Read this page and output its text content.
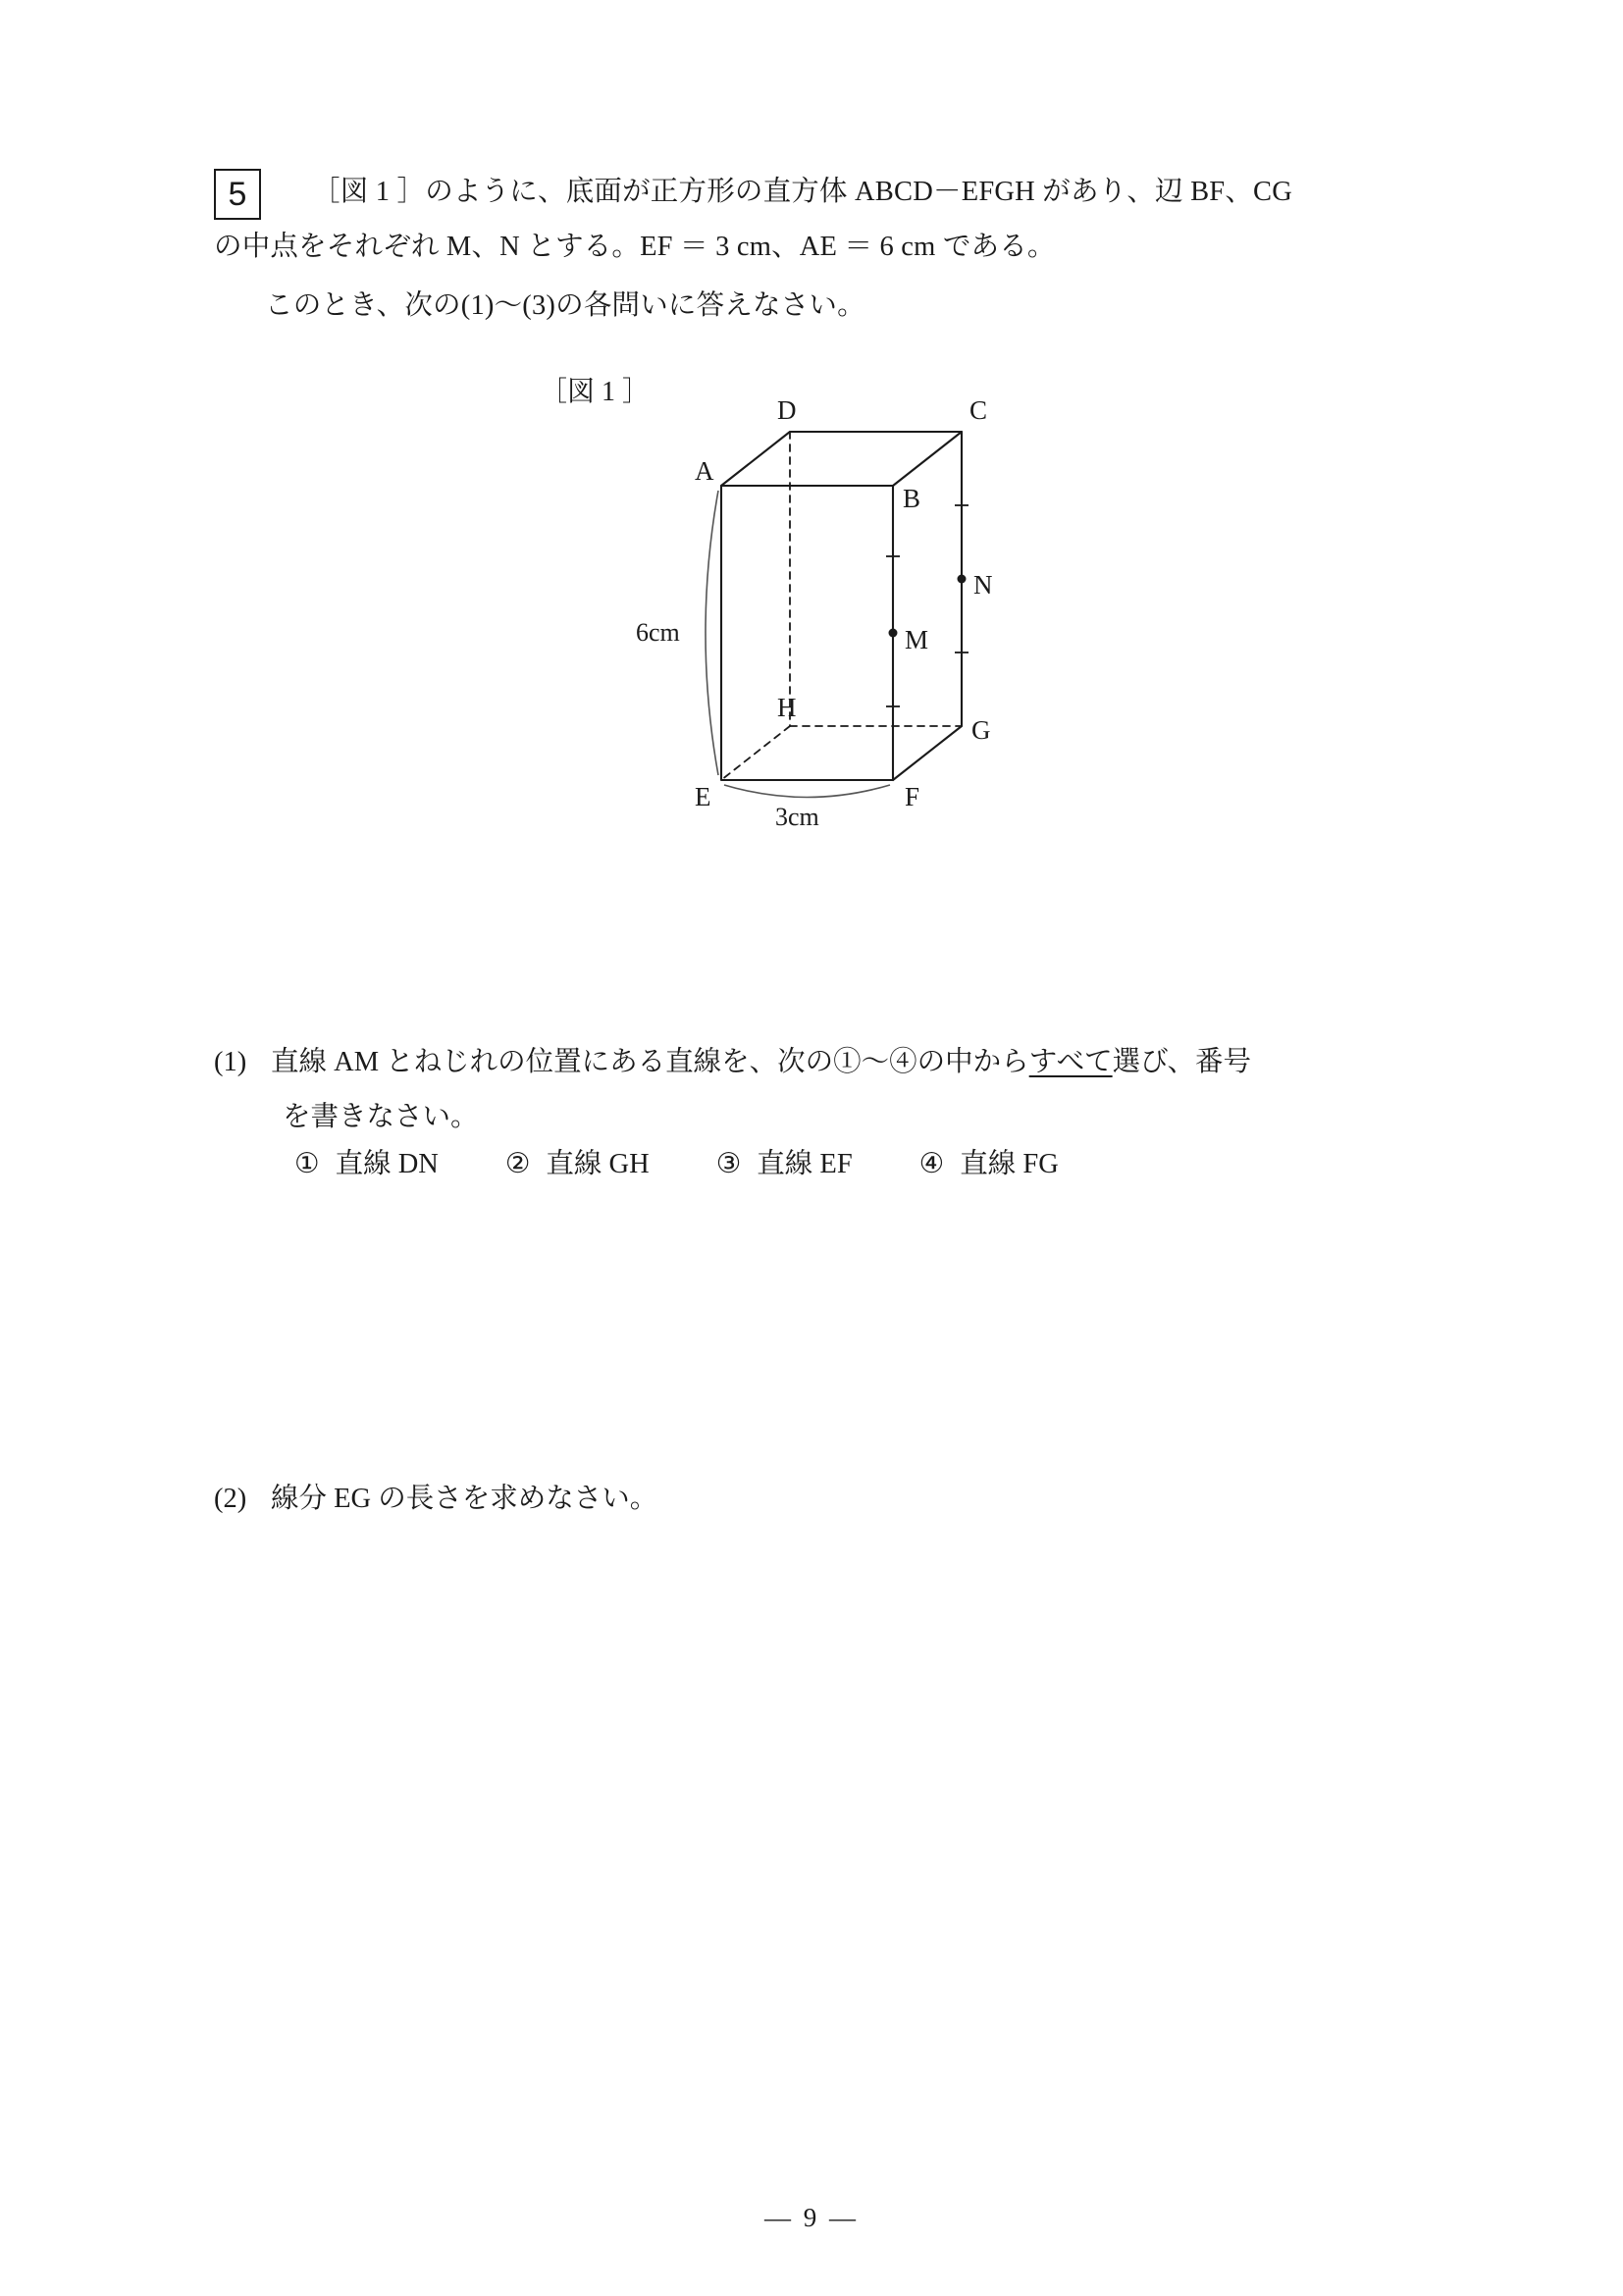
5	［図 1 ］のように、底面が正方形の直方体 ABCD－EFGH があり、辺 BF、CG
の中点をそれぞれ M、N とする。EF ＝ 3 cm、AE ＝ 6 cm である。
このとき、次の(1)～(3)の各問いに答えなさい。
［図 1 ］
A
B
C
D
E	F
G
H
M
N
6cm
3cm
(1) 直線 AM とねじれの位置にある直線を、次の①～④の中からすべて選び、番号
を書きなさい。
① 直線 DN ② 直線 GH ③ 直線 EF ④ 直線 FG
(2) 線分 EG の長さを求めなさい。
― 9 ―
